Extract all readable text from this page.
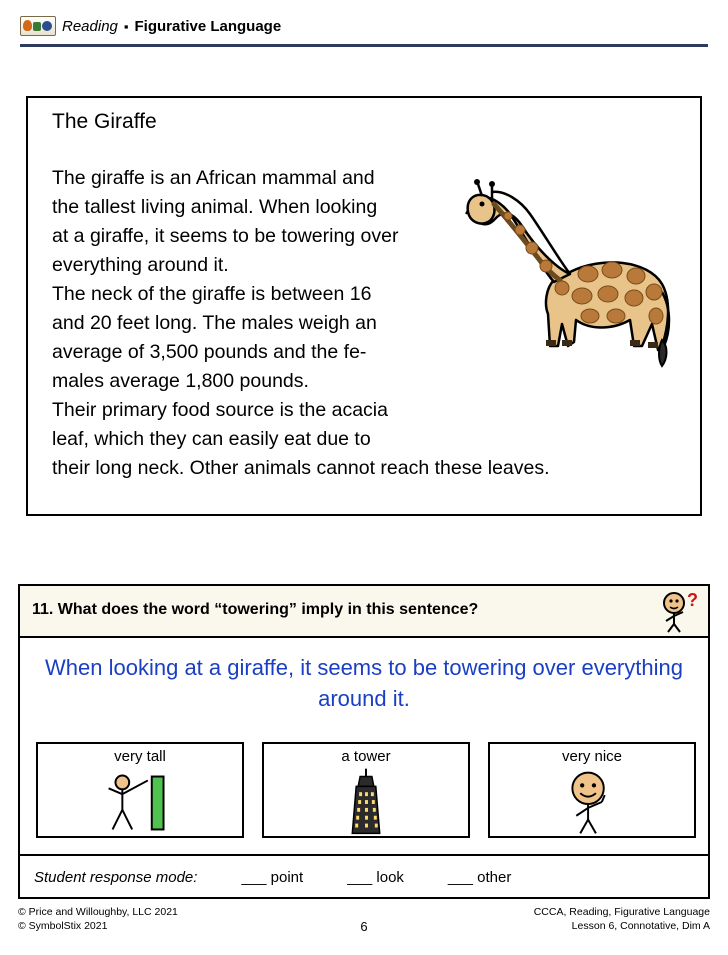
Reading ▪ Figurative Language
The Giraffe
The giraffe is an African mammal and
the tallest living animal. When looking
at a giraffe, it seems to be towering over
everything around it.
The neck of the giraffe is between 16
and 20 feet long. The males weigh an
average of 3,500 pounds and the fe-
males average 1,800 pounds.
Their primary food source is the acacia
leaf, which they can easily eat due to
their long neck. Other animals cannot reach these leaves.
11. What does the word “towering” imply in this sentence?	?
When looking at a giraffe, it seems to be towering over everything around it.
very tall	a tower	very nice
Student response mode:	___ point	___ look	___ other
© Price and Willoughby, LLC 2021
© SymbolStix 2021	6
CCCA, Reading, Figurative Language
Lesson 6, Connotative, Dim A
